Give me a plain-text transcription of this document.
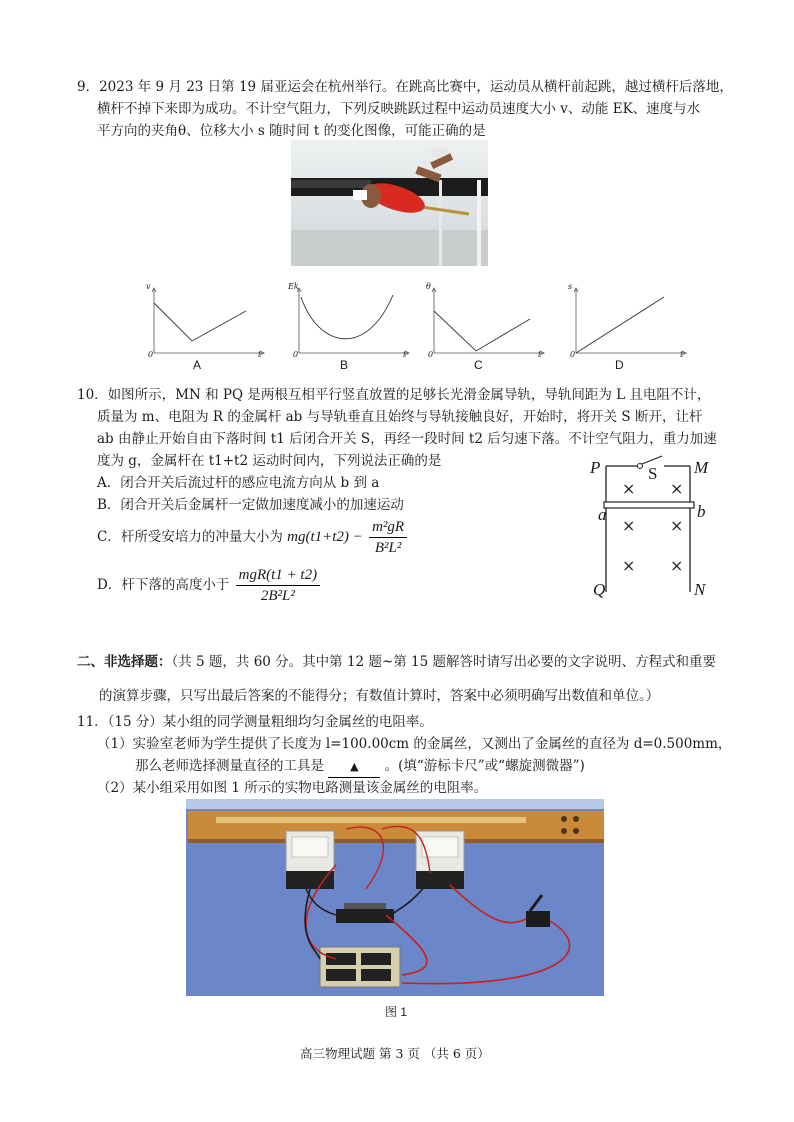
9．2023 年 9 月 23 日第 19 届亚运会在杭州举行。在跳高比赛中，运动员从横杆前起跳，越过横杆后落地，
横杆不掉下来即为成功。不计空气阻力，下列反映跳跃过程中运动员速度大小 v、动能 EK、速度与水
平方向的夹角θ、位移大小 s 随时间 t 的变化图像，可能正确的是
v
0	t
A
Ek
0	t
B
θ
0	t
C
s
0	t
D
10．如图所示，MN 和 PQ 是两根互相平行竖直放置的足够长光滑金属导轨，导轨间距为 L 且电阻不计，
质量为 m、电阻为 R 的金属杆 ab 与导轨垂直且始终与导轨接触良好，开始时，将开关 S 断开，让杆
ab 由静止开始自由下落时间 t1 后闭合开关 S，再经一段时间 t2 后匀速下落。不计空气阻力，重力加速
度为 g，金属杆在 t1+t2 运动时间内，下列说法正确的是
A．闭合开关后流过杆的感应电流方向从 b 到 a
B．闭合开关后金属杆一定做加速度减小的加速运动
C．杆所受安培力的冲量大小为 $mg(t1+t2) - \frac{\text{m²gR}}{\text{B²L²}}$
D．杆下落的高度小于 $\frac{\text{mgR(t1 + t2)}}{\text{2B²L²}}$
P	M
S
a	b
Q	N
× ×
× ×
× ×
二、非选择题：（共 5 题，共 60 分。其中第 12 题~第 15 题解答时请写出必要的文字说明、方程式和重要
的演算步骤，只写出最后答案的不能得分；有数值计算时，答案中必须明确写出数值和单位。）
11．（15 分）某小组的同学测量粗细均匀金属丝的电阻率。
（1）实验室老师为学生提供了长度为 l=100.00cm 的金属丝，又测出了金属丝的直径为 d=0.500mm，
那么老师选择测量直径的工具是 ▲ 。(填“游标卡尺”或“螺旋测微器”)
（2）某小组采用如图 1 所示的实物电路测量该金属丝的电阻率。
图 1
高三物理试题 第 3 页 （共 6 页）
